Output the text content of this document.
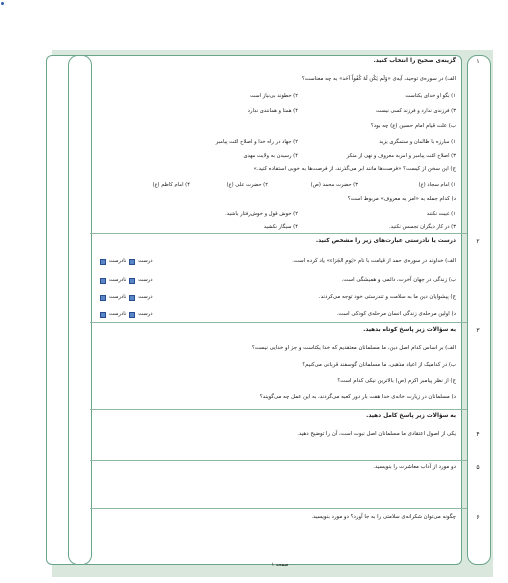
۱
گزینه‌ی صحیح را انتخاب کنید.
الف) در سوره‌ی توحید، آیه‌ی «وَلَم یَکُن لَهُ کُفُواً اَحَد» به چه معناست؟
۱) بگو او خدای یکتاست
۲) خطوند بی‌نیاز است
۳) فرزندی ندارد و فرزند کسی نیست
۴) همتا و همانندی ندارد
ب) علت قیام امام حسین (ع) چه بود؟
۱) مبارزه با ظالمان و ستمگری یزید
۲) جهاد در راه خدا و اصلاح امّت پیامبر
۳) اصلاح امّت پیامبر و امربه معروف و نهی از منکر
۴) رسیدن به ولایت مهدی
ج) این سخن از کیست؟ «فرصت‌ها مانند ابر می‌گذرند، از فرصت‌ها به خوبی استفاده کنید.»
۱) امام سجاد (ع)
۳) حضرت محمد (ص)
۲) حضرت علی (ع)
۴) امام کاظم (ع)
د) کدام جمله به «امر به معروف» مربوط است؟
۱) غیبت نکنند
۲) خوش قول و خوش‌رفتار باشید.
۳) در کار دیگران تجسس نکنید.
۴) سیگار نکشید
۲
درست یا نادرستی عبارت‌های زیر را مشخص کنید.
الف) خداوند در سوره‌ی حمد از قیامت با نام «یَومِ الجَزاء» یاد کرده است.
درست
نادرست
ب) زندگی در جهان آخرت، دائمی و همیشگی است.
درست
نادرست
ج) پیشوایان دین ما به سلامت و تندرستی خود توجه می‌کردند.
درست
نادرست
د) اولین مرحله‌ی زندگی انسان مرحله‌ی کودکی است.
درست
نادرست
۳
به سؤالات زیر پاسخ کوتاه بدهید.
الف) بر اساس کدام اصل دین، ما مسلمانان معتقدیم که خدا یکتاست و جز او خدایی نیست؟
ب) در کدامیک از اعیاد مذهبی، ما مسلمانان گوسفند قربانی می‌کنیم؟
ج) از نظر پیامبر اکرم (ص) بالاترین نیکی کدام است؟
د) مسلمانان در زیارت خانه‌ی خدا هفت بار دور کعبه می‌گردند، به این عمل چه می‌گویند؟
به سؤالات زیر پاسخ کامل دهید.
۴
یکی از اصول اعتقادی ما مسلمانان اصل نبوت است، آن را توضیح دهید.
۵
دو مورد از آداب معاشرت را بنویسید.
۶
چگونه می‌توان شکرانه‌ی سلامتی را به جا آورد؟ دو مورد بنویسید.
صفحه ۱
